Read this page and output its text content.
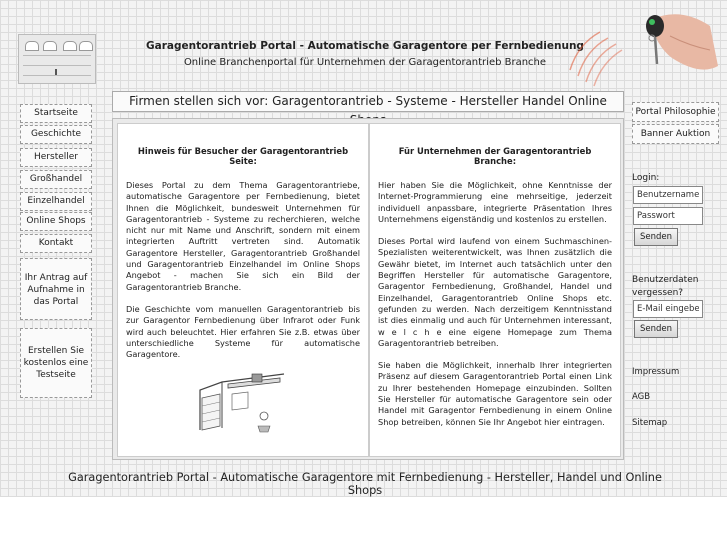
Garagentorantrieb Portal - Automatische Garagentore per Fernbedienung
Online Branchenportal für Unternehmen der Garagentorantrieb Branche
Firmen stellen sich vor: Garagentorantrieb - Systeme - Hersteller Handel Online
Startseite
Geschichte
Hersteller
Großhandel
Einzelhandel
Online Shops
Kontakt
Ihr Antrag auf
Aufnahme in
das Portal
Erstellen Sie
kostenlos eine
Testseite
Hinweis für Besucher der Garagentorantrieb Seite:

Dieses Portal zu dem Thema Garagentorantriebe, automatische Garagentore per Fernbedienung, bietet Ihnen die Möglichkeit, bundesweit Unternehmen für Garagentorantrieb - Systeme zu recherchieren, welche nicht nur mit Name und Anschrift, sondern mit einem integrierten Auftritt vertreten sind. Automatik Garagentore Hersteller, Garagentorantrieb Großhandel und Garagentorantrieb Einzelhandel im Online Shops Angebot - machen Sie sich ein Bild der Garagentorantrieb Branche.

Die Geschichte vom manuellen Garagentorantrieb bis zur Garagentor Fernbedienung über Infrarot oder Funk wird auch beleuchtet. Hier erfahren Sie z.B. etwas über unterschiedliche Systeme für automatische Garagentore.

Für Unternehmen der Garagentorantrieb Branche:

Hier haben Sie die Möglichkeit, ohne Kenntnisse der Internet-Programmierung eine mehrseitige, jederzeit individuell anpassbare, integrierte Präsentation Ihres Unternehmens eigenständig und kostenlos zu erstellen.

Dieses Portal wird laufend von einem Suchmaschinen-Spezialisten weiterentwickelt, was Ihnen zusätzlich die Gewähr bietet, im Internet auch tatsächlich unter den Begriffen Hersteller für automatische Garagentore, Garagentor Fernbedienung, Großhandel, Handel und Einzelhandel, Garagentorantrieb Online Shops etc. gefunden zu werden. Nach derzeitigem Kenntnisstand ist dies einmalig und auch für Unternehmen interessant, w e l c h e eine eigene Homepage zum Thema Garagentorantrieb betreiben.

Sie haben die Möglichkeit, innerhalb Ihrer integrierten Präsenz auf diesem Garagentorantrieb Portal einen Link zu Ihrer bestehenden Homepage einzubinden. Sollten Sie Hersteller für automatische Garagentore sein oder Handel mit Garagentor Fernbedienung in einem Online Shop betreiben, können Sie Ihr Angebot hier eintragen.

Portal Philosophie
Banner Auktion
Login:
Benutzername
Passwort
Senden
Benutzerdaten
vergessen?
E-Mail eingeben
Senden
Impressum
AGB
Sitemap
Garagentorantrieb Portal - Automatische Garagentore mit Fernbedienung - Hersteller, Handel und Online Shops
